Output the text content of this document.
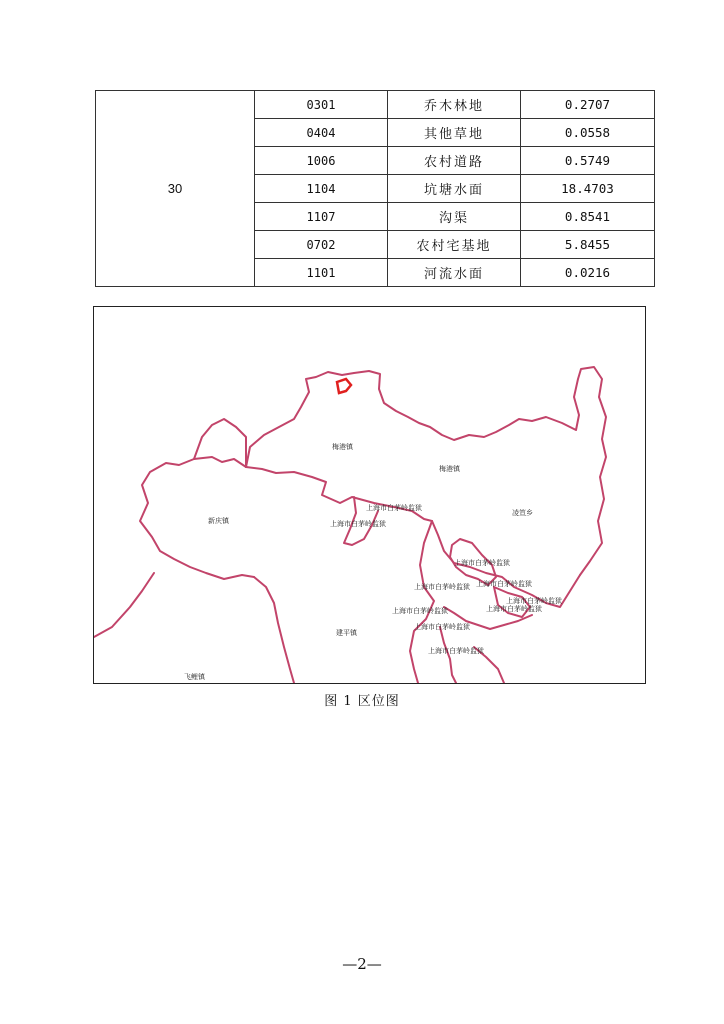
30	0301	乔木林地	0.2707
	0404	其他草地	0.0558
	1006	农村道路	0.5749
	1104	坑塘水面	18.4703
	1107	沟渠	0.8541
	0702	农村宅基地	5.8455
	1101	河流水面	0.0216
梅港镇
梅港镇
新庆镇
上海市白茅岭监狱
上海市白茅岭监狱
凌笪乡
上海市白茅岭监狱
上海市白茅岭监狱 上海市白茅岭监狱
上海市白茅岭监狱
上海市白茅岭监狱
上海市白茅岭监狱
建平镇
上海市白茅岭监狱
上海市白茅岭监狱
飞鲤镇
图 1 区位图
—2—
